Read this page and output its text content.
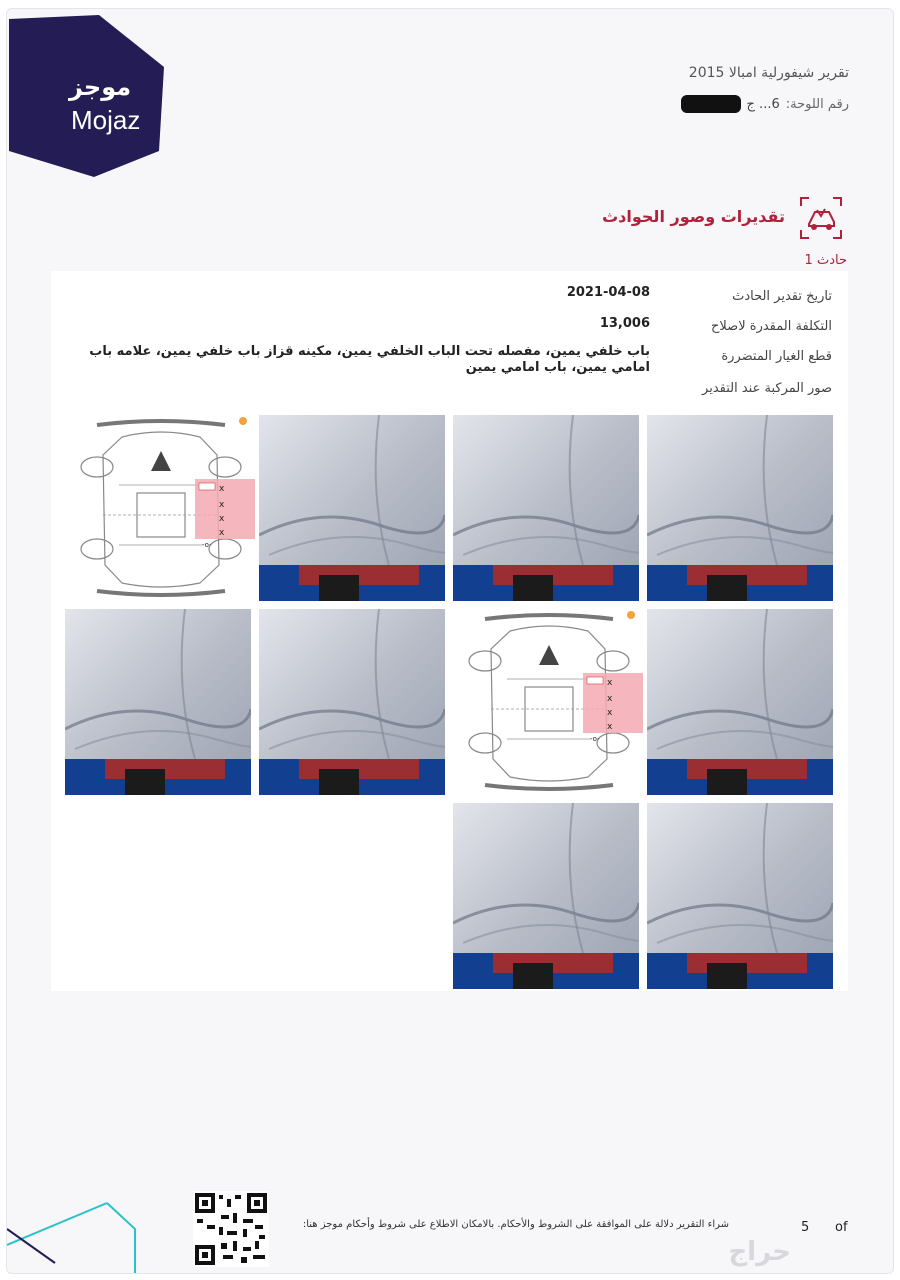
موجز
Mojaz
تقرير شيفورلية امبالا 2015
رقم اللوحة:
6... ج
تقديرات وصور الحوادث
حادث 1
تاريخ تقدير الحادث
2021-04-08
التكلفة المقدرة لاصلاح
13,006
قطع الغيار المتضررة
باب خلفي يمين، مفصله تحت الباب الخلفي يمين، مكينه قزاز باب خلفي يمين، علامه باب امامي يمين، باب امامي يمين
صور المركبة عند التقدير
شراء التقرير دلالة على الموافقة على الشروط والأحكام. بالامكان الاطلاع على شروط وأحكام موجز هنا:	5 of
حراج
